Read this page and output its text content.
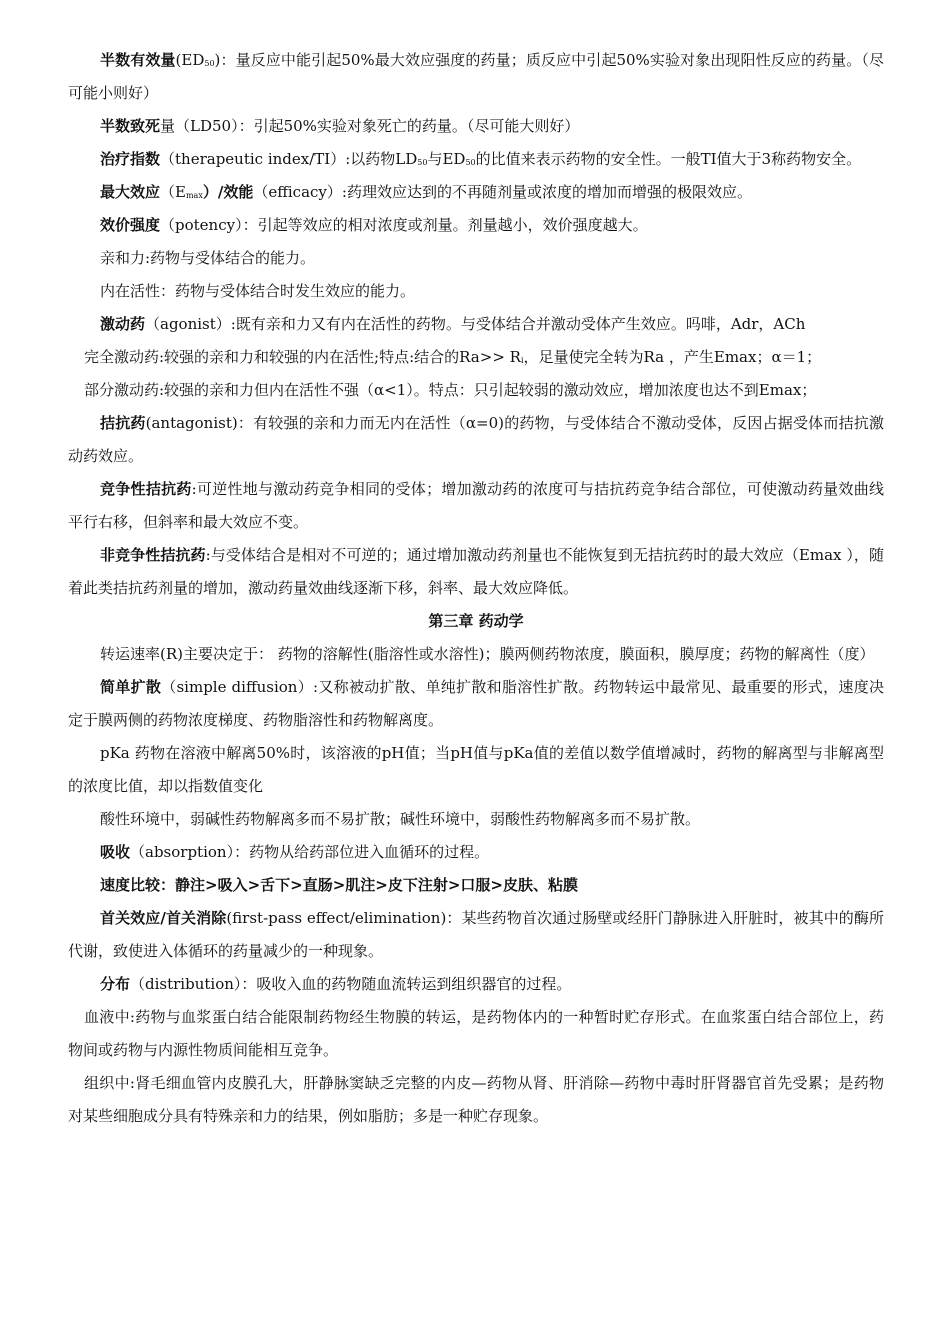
半数有效量$(ED_{50})$：量反应中能引起50%最大效应强度的药量；质反应中引起50%实验对象出现阳性反应的药量。（尽可能小则好）

半数致死量（LD50）：引起50%实验对象死亡的药量。（尽可能大则好）

治疗指数（therapeutic index/TI）:以药物$LD_{50}$与$ED_{50}$的比值来表示药物的安全性。一般TI值大于3称药物安全。

最大效应$(E_{max})/$效能（efficacy）:药理效应达到的不再随剂量或浓度的增加而增强的极限效应。

效价强度（potency）：引起等效应的相对浓度或剂量。剂量越小，效价强度越大。

亲和力:药物与受体结合的能力。

内在活性：药物与受体结合时发生效应的能力。

激动药（agonist）:既有亲和力又有内在活性的药物。与受体结合并激动受体产生效应。吗啡，Adr，ACh

完全激动药:较强的亲和力和较强的内在活性;特点:结合的$Ra>> R_i$，足量使完全转为Ra ，产生Emax；α＝1；

部分激动药:较强的亲和力但内在活性不强（α<1）。特点：只引起较弱的激动效应，增加浓度也达不到Emax；

拮抗药(antagonist)：有较强的亲和力而无内在活性（α=0)的药物，与受体结合不激动受体，反因占据受体而拮抗激动药效应。

竞争性拮抗药:可逆性地与激动药竞争相同的受体；增加激动药的浓度可与拮抗药竞争结合部位，可使激动药量效曲线平行右移，但斜率和最大效应不变。

非竞争性拮抗药:与受体结合是相对不可逆的；通过增加激动药剂量也不能恢复到无拮抗药时的最大效应（Emax ），随着此类拮抗药剂量的增加，激动药量效曲线逐渐下移，斜率、最大效应降低。

第三章 药动学

转运速率(R)主要决定于： 药物的溶解性(脂溶性或水溶性)；膜两侧药物浓度，膜面积，膜厚度；药物的解离性（度）

简单扩散（simple diffusion）:又称被动扩散、单纯扩散和脂溶性扩散。药物转运中最常见、最重要的形式，速度决定于膜两侧的药物浓度梯度、药物脂溶性和药物解离度。

pKa 药物在溶液中解离50%时，该溶液的pH值；当pH值与pKa值的差值以数学值增减时，药物的解离型与非解离型的浓度比值，却以指数值变化

酸性环境中，弱碱性药物解离多而不易扩散；碱性环境中，弱酸性药物解离多而不易扩散。

吸收（absorption）：药物从给药部位进入血循环的过程。

速度比较：静注>吸入>舌下>直肠>肌注>皮下注射>口服>皮肤、粘膜

首关效应/首关消除(first-pass effect/elimination)：某些药物首次通过肠壁或经肝门静脉进入肝脏时，被其中的酶所代谢，致使进入体循环的药量减少的一种现象。

分布（distribution）：吸收入血的药物随血流转运到组织器官的过程。

血液中:药物与血浆蛋白结合能限制药物经生物膜的转运，是药物体内的一种暂时贮存形式。在血浆蛋白结合部位上，药物间或药物与内源性物质间能相互竞争。

组织中:肾毛细血管内皮膜孔大，肝静脉窦缺乏完整的内皮—药物从肾、肝消除—药物中毒时肝肾器官首先受累；是药物对某些细胞成分具有特殊亲和力的结果，例如脂肪；多是一种贮存现象。
